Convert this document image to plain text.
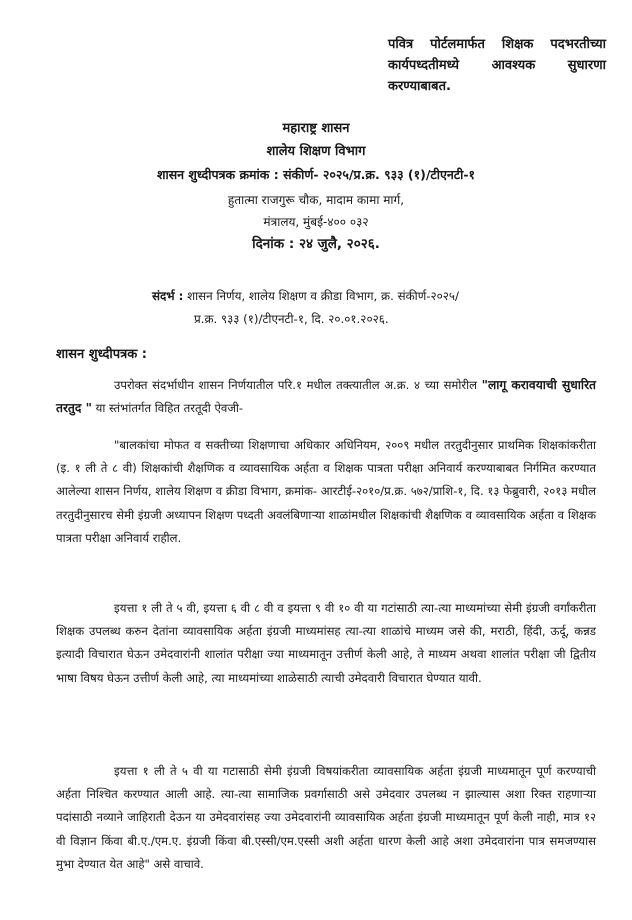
पवित्र पोर्टलमार्फत शिक्षक पदभरतीच्या कार्यपध्दतीमध्ये आवश्यक सुधारणा करण्याबाबत.
महाराष्ट्र शासन
शालेय शिक्षण विभाग
शासन शुध्दीपत्रक क्रमांक : संकीर्ण- २०२५/प्र.क्र. ९३३ (१)/टीएनटी-१
हुतात्मा राजगुरू चौक, मादाम कामा मार्ग,
मंत्रालय, मुंबई-४०० ०३२
दिनांक : २४ जुलै, २०२६.
संदर्भ : शासन निर्णय, शालेय शिक्षण व क्रीडा विभाग, क्र. संकीर्ण-२०२५/
प्र.क्र. ९३३ (१)/टीएनटी-१, दि. २०.०१.२०२६.
शासन शुध्दीपत्रक :
उपरोक्त संदर्भाधीन शासन निर्णयातील परि.१ मधील तक्त्यातील अ.क्र. ४ च्या समोरील "लागू करावयाची सुधारित तरतुद " या स्तंभांतर्गत विहित तरतूदी ऐवजी-
"बालकांचा मोफत व सक्तीच्या शिक्षणाचा अधिकार अधिनियम, २००९ मधील तरतुदीनुसार प्राथमिक शिक्षकांकरीता (इ. १ ली ते ८ वी) शिक्षकांची शैक्षणिक व व्यावसायिक अर्हता व शिक्षक पात्रता परीक्षा अनिवार्य करण्याबाबत निर्गमित करण्यात आलेल्या शासन निर्णय, शालेय शिक्षण व क्रीडा विभाग, क्रमांक- आरटीई-२०१०/प्र.क्र. ५७२/प्राशि-१, दि. १३ फेब्रुवारी, २०१३ मधील तरतुदीनुसारच सेमी इंग्रजी अध्यापन शिक्षण पध्दती अवलंबिणाऱ्या शाळांमधील शिक्षकांची शैक्षणिक व व्यावसायिक अर्हता व शिक्षक पात्रता परीक्षा अनिवार्य राहील.
इयत्ता १ ली ते ५ वी, इयत्ता ६ वी ८ वी व इयत्ता ९ वी १० वी या गटांसाठी त्या-त्या माध्यमांच्या सेमी इंग्रजी वर्गांकरीता शिक्षक उपलब्ध करुन देतांना व्यावसायिक अर्हता इंग्रजी माध्यमांसह त्या-त्या शाळांचे माध्यम जसे की, मराठी, हिंदी, ऊर्दू, कन्नड इत्यादी विचारात घेऊन उमेदवारांनी शालांत परीक्षा ज्या माध्यमातून उत्तीर्ण केली आहे, ते माध्यम अथवा शालांत परीक्षा जी द्वितीय भाषा विषय घेऊन उत्तीर्ण केली आहे, त्या माध्यमांच्या शाळेसाठी त्याची उमेदवारी विचारात घेण्यात यावी.
इयत्ता १ ली ते ५ वी या गटासाठी सेमी इंग्रजी विषयांकरीता व्यावसायिक अर्हता इंग्रजी माध्यमातून पूर्ण करण्याची अर्हता निश्चित करण्यात आली आहे. त्या-त्या सामाजिक प्रवर्गासाठी असे उमेदवार उपलब्ध न झाल्यास अशा रिक्त राहणाऱ्या पदांसाठी नव्याने जाहिराती देऊन या उमेदवारांसह ज्या उमेदवारांनी व्यावसायिक अर्हता इंग्रजी माध्यमातून पूर्ण केली नाही, मात्र १२ वी विज्ञान किंवा बी.ए./एम.ए. इंग्रजी किंवा बी.एस्सी/एम.एस्सी अशी अर्हता धारण केली आहे अशा उमेदवारांना पात्र समजण्यास मुभा देण्यात येत आहे" असे वाचावे.
